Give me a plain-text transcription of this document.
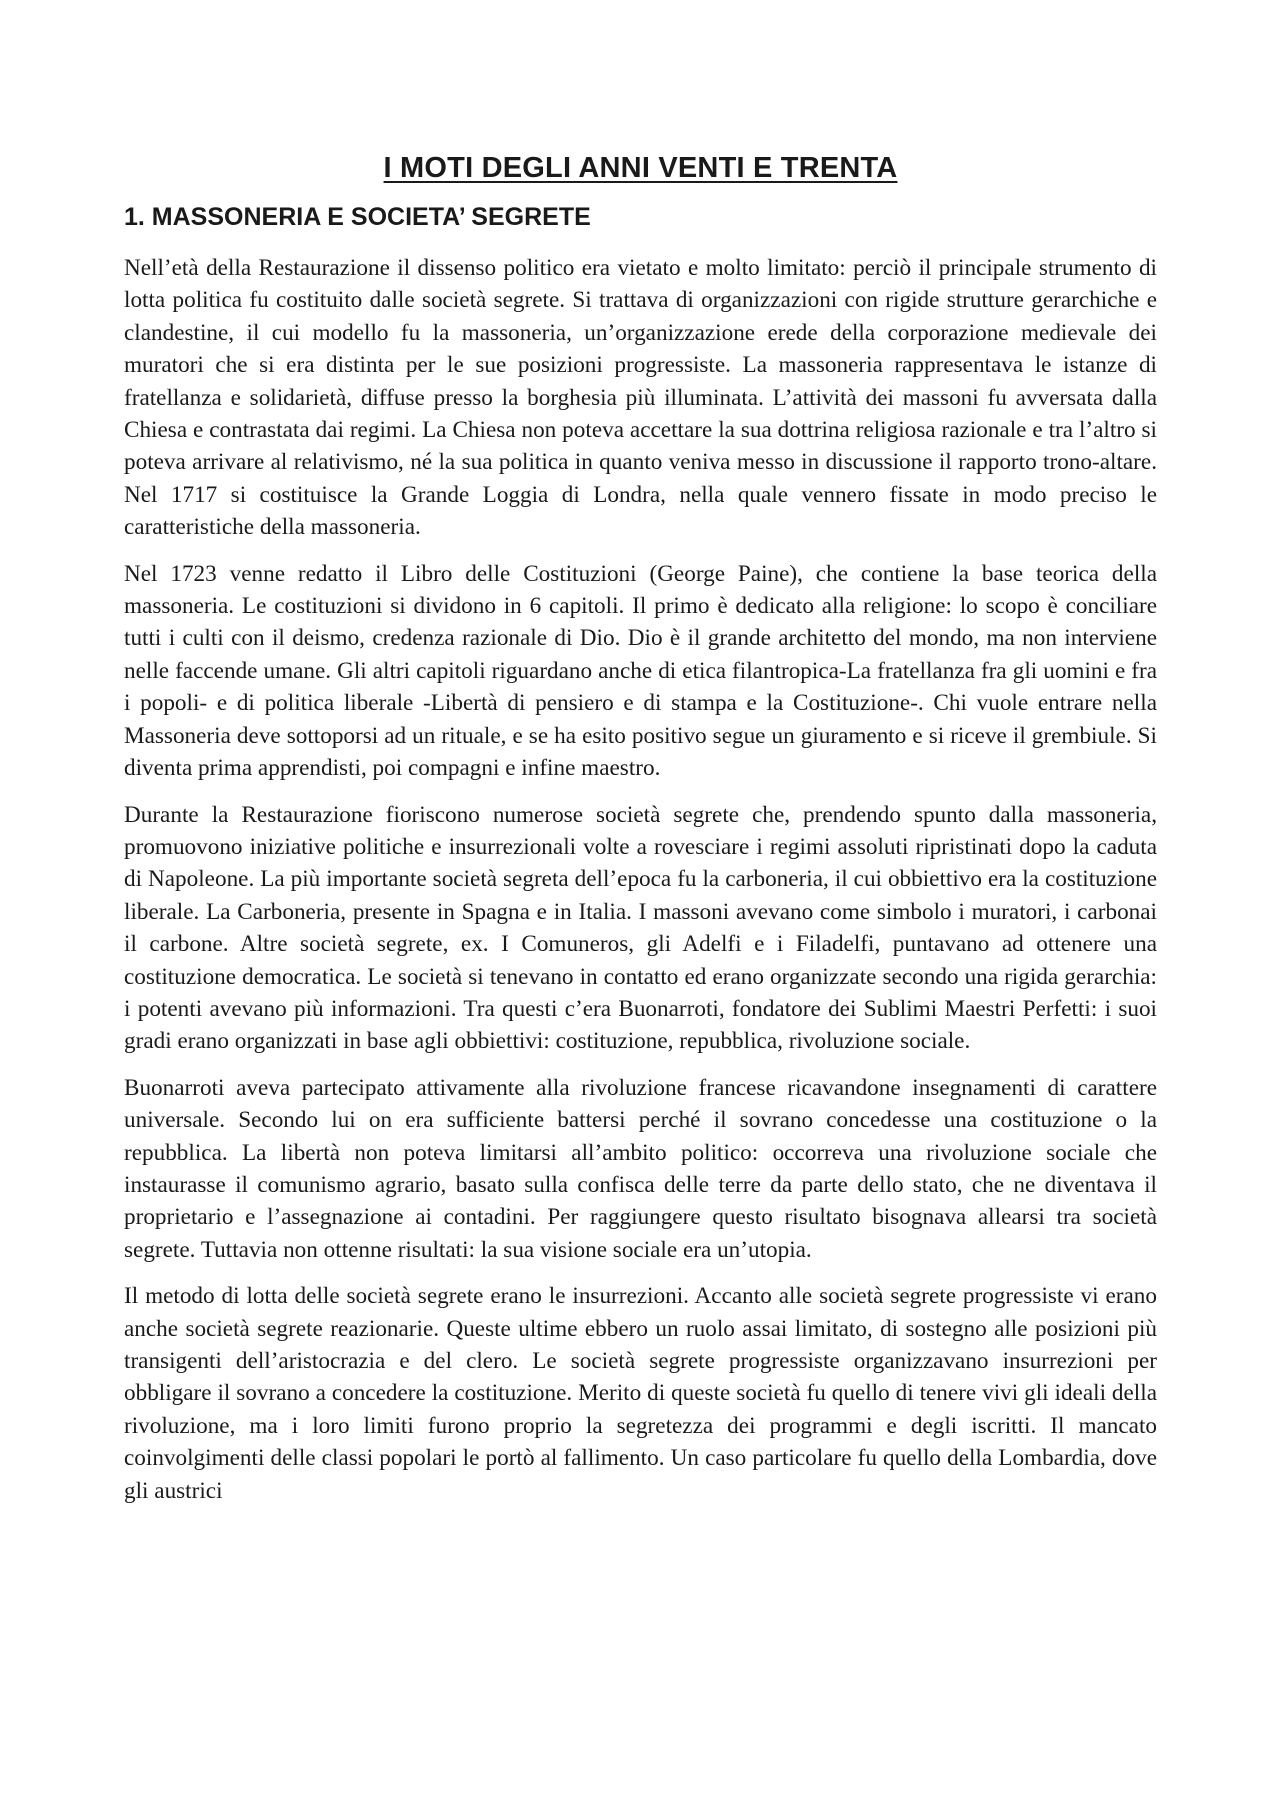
I MOTI DEGLI ANNI VENTI E TRENTA
1. MASSONERIA E SOCIETA’ SEGRETE

Nell’età della Restaurazione il dissenso politico era vietato e molto limitato: perciò il principale strumento di lotta politica fu costituito dalle società segrete. Si trattava di organizzazioni con rigide strutture gerarchiche e clandestine, il cui modello fu la massoneria, un’organizzazione erede della corporazione medievale dei muratori che si era distinta per le sue posizioni progressiste. La massoneria rappresentava le istanze di fratellanza e solidarietà, diffuse presso la borghesia più illuminata. L’attività dei massoni fu avversata dalla Chiesa e contrastata dai regimi. La Chiesa non poteva accettare la sua dottrina religiosa razionale e tra l’altro si poteva arrivare al relativismo, né la sua politica in quanto veniva messo in discussione il rapporto trono-altare. Nel 1717 si costituisce la Grande Loggia di Londra, nella quale vennero fissate in modo preciso le caratteristiche della massoneria.

Nel 1723 venne redatto il Libro delle Costituzioni (George Paine), che contiene la base teorica della massoneria. Le costituzioni si dividono in 6 capitoli. Il primo è dedicato alla religione: lo scopo è conciliare tutti i culti con il deismo, credenza razionale di Dio. Dio è il grande architetto del mondo, ma non interviene nelle faccende umane. Gli altri capitoli riguardano anche di etica filantropica-La fratellanza fra gli uomini e fra i popoli- e di politica liberale -Libertà di pensiero e di stampa e la Costituzione-. Chi vuole entrare nella Massoneria deve sottoporsi ad un rituale, e se ha esito positivo segue un giuramento e si riceve il grembiule. Si diventa prima apprendisti, poi compagni e infine maestro.

Durante la Restaurazione fioriscono numerose società segrete che, prendendo spunto dalla massoneria, promuovono iniziative politiche e insurrezionali volte a rovesciare i regimi assoluti ripristinati dopo la caduta di Napoleone. La più importante società segreta dell’epoca fu la carboneria, il cui obbiettivo era la costituzione liberale. La Carboneria, presente in Spagna e in Italia. I massoni avevano come simbolo i muratori, i carbonai il carbone. Altre società segrete, ex. I Comuneros, gli Adelfi e i Filadelfi, puntavano ad ottenere una costituzione democratica. Le società si tenevano in contatto ed erano organizzate secondo una rigida gerarchia: i potenti avevano più informazioni. Tra questi c’era Buonarroti, fondatore dei Sublimi Maestri Perfetti: i suoi gradi erano organizzati in base agli obbiettivi: costituzione, repubblica, rivoluzione sociale.

Buonarroti aveva partecipato attivamente alla rivoluzione francese ricavandone insegnamenti di carattere universale. Secondo lui on era sufficiente battersi perché il sovrano concedesse una costituzione o la repubblica. La libertà non poteva limitarsi all’ambito politico: occorreva una rivoluzione sociale che instaurasse il comunismo agrario, basato sulla confisca delle terre da parte dello stato, che ne diventava il proprietario e l’assegnazione ai contadini. Per raggiungere questo risultato bisognava allearsi tra società segrete. Tuttavia non ottenne risultati: la sua visione sociale era un’utopia.

Il metodo di lotta delle società segrete erano le insurrezioni. Accanto alle società segrete progressiste vi erano anche società segrete reazionarie. Queste ultime ebbero un ruolo assai limitato, di sostegno alle posizioni più transigenti dell’aristocrazia e del clero. Le società segrete progressiste organizzavano insurrezioni per obbligare il sovrano a concedere la costituzione. Merito di queste società fu quello di tenere vivi gli ideali della rivoluzione, ma i loro limiti furono proprio la segretezza dei programmi e degli iscritti. Il mancato coinvolgimenti delle classi popolari le portò al fallimento. Un caso particolare fu quello della Lombardia, dove gli austrici
